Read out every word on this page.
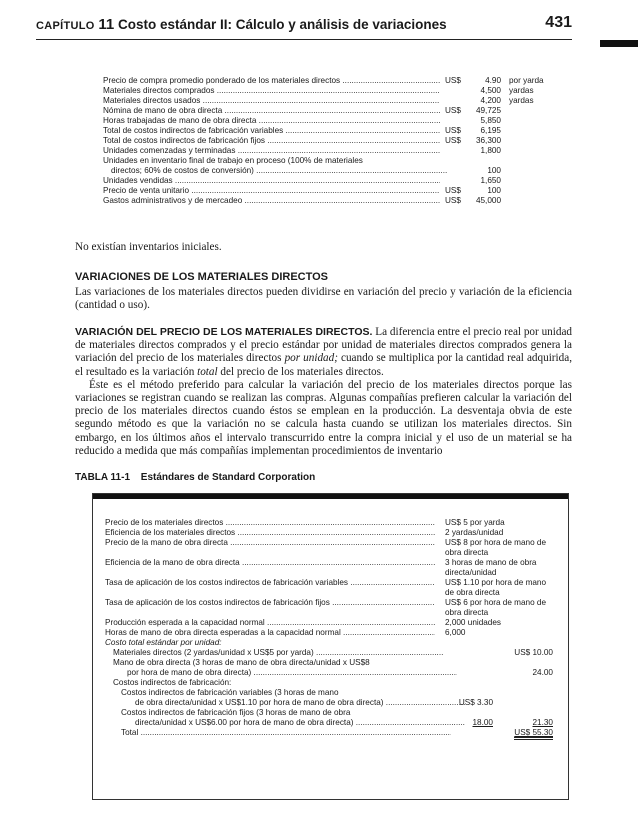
CAPÍTULO 11 Costo estándar II: Cálculo y análisis de variaciones	431
Precio de compra promedio ponderado de los materiales directos .....	US$	4.90 por yarda
Materiales directos comprados .....	4,500 yardas
Materiales directos usados .....	4,200 yardas
Nómina de mano de obra directa .....	US$	49,725
Horas trabajadas de mano de obra directa .....	5,850
Total de costos indirectos de fabricación variables .....	US$	6,195
Total de costos indirectos de fabricación fijos .....	US$	36,300
Unidades comenzadas y terminadas .....	1,800
Unidades en inventario final de trabajo en proceso (100% de materiales
directos; 60% de costos de conversión) .....	100
Unidades vendidas .....	1,650
Precio de venta unitario .....	US$	100
Gastos administrativos y de mercadeo .....	US$	45,000

No existían inventarios iniciales.

VARIACIONES DE LOS MATERIALES DIRECTOS

Las variaciones de los materiales directos pueden dividirse en variación del precio y variación de la eficiencia (cantidad o uso).

VARIACIÓN DEL PRECIO DE LOS MATERIALES DIRECTOS. La diferencia entre el precio real por unidad de materiales directos comprados y el precio estándar por unidad de materiales directos comprados genera la variación del precio de los materiales directos por unidad; cuando se multiplica por la cantidad real adquirida, el resultado es la variación total del precio de los materiales directos.

Éste es el método preferido para calcular la variación del precio de los materiales directos porque las variaciones se registran cuando se realizan las compras. Algunas compañías prefieren calcular la variación del precio de los materiales directos cuando éstos se emplean en la producción. La desventaja obvia de este segundo método es que la variación no se calcula hasta cuando se utilizan los materiales directos. Sin embargo, en los últimos años el intervalo transcurrido entre la compra inicial y el uso de un material se ha reducido a medida que más compañías implementan procedimientos de inventario

TABLA 11-1 Estándares de Standard Corporation
Precio de los materiales directos .....	US$ 5 por yarda
Eficiencia de los materiales directos .....	2 yardas/unidad
Precio de la mano de obra directa .....	US$ 8 por hora de mano de obra directa
Eficiencia de la mano de obra directa .....	3 horas de mano de obra directa/unidad
Tasa de aplicación de los costos indirectos de fabricación variables .....	US$ 1.10 por hora de mano de obra directa
Tasa de aplicación de los costos indirectos de fabricación fijos .....	US$ 6 por hora de mano de obra directa
Producción esperada a la capacidad normal .....	2,000 unidades
Horas de mano de obra directa esperadas a la capacidad normal .....	6,000
Costo total estándar por unidad:
Materiales directos (2 yardas/unidad x US$5 por yarda) .....	US$ 10.00
Mano de obra directa (3 horas de mano de obra directa/unidad x US$8
por hora de mano de obra directa) .....	24.00
Costos indirectos de fabricación:
Costos indirectos de fabricación variables (3 horas de mano
de obra directa/unidad x US$1.10 por hora de mano de obra directa) .....	US$ 3.30
Costos indirectos de fabricación fijos (3 horas de mano de obra
directa/unidad x US$6.00 por hora de mano de obra directa) .....	18.00	21.30
Total .....	US$ 55.30
